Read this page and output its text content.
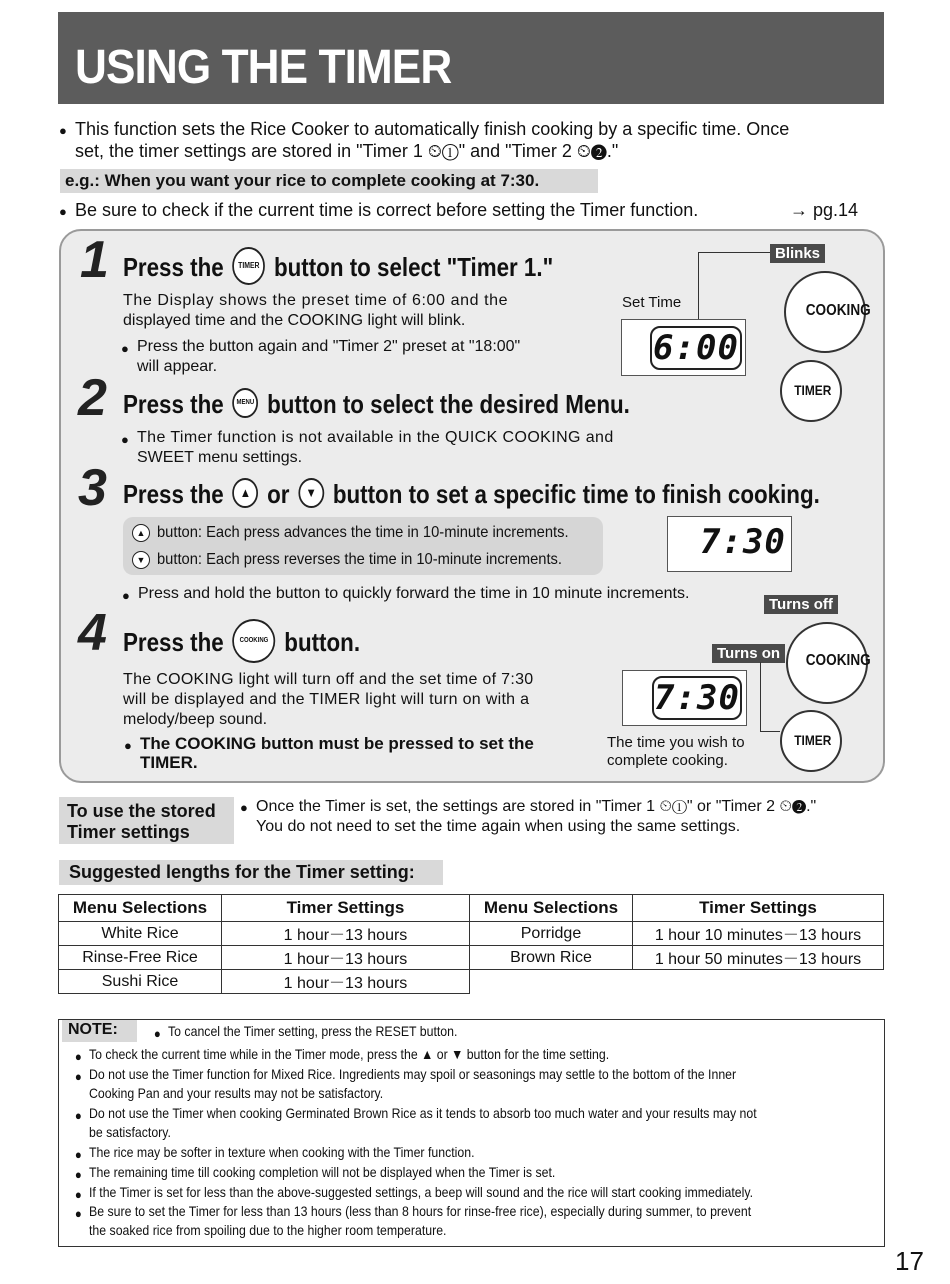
USING THE TIMER
● This function sets the Rice Cooker to automatically finish cooking by a specific time. Once
set, the timer settings are stored in "Timer 1 ⏲①" and "Timer 2 ⏲❷."
e.g.: When you want your rice to complete cooking at 7:30.
● Be sure to check if the current time is correct before setting the Timer function.	→ pg.14
1 Press the TIMER button to select "Timer 1."
The Display shows the preset time of 6:00 and the
displayed time and the COOKING light will blink.
● Press the button again and "Timer 2" preset at "18:00"
will appear.
2 Press the MENU button to select the desired Menu.
● The Timer function is not available in the QUICK COOKING and
SWEET menu settings.
3 Press the ▲ or ▼ button to set a specific time to finish cooking.
▲ button: Each press advances the time in 10-minute increments.
▼ button: Each press reverses the time in 10-minute increments.
● Press and hold the button to quickly forward the time in 10 minute increments.
4 Press the COOKING button.
The COOKING light will turn off and the set time of 7:30
will be displayed and the TIMER light will turn on with a
melody/beep sound.
● The COOKING button must be pressed to set the
TIMER.
Set Time
6:00
Blinks
COOKING
TIMER
7:30
Turns off
COOKING
Turns on
7:30
TIMER
The time you wish to
complete cooking.
To use the stored
Timer settings
● Once the Timer is set, the settings are stored in "Timer 1 ⏲①" or "Timer 2 ⏲❷."
You do not need to set the time again when using the same settings.
Suggested lengths for the Timer setting:
Menu Selections	Timer Settings
White Rice	1 hour－13 hours
Rinse-Free Rice	1 hour－13 hours
Sushi Rice	1 hour－13 hours
Menu Selections	Timer Settings
Porridge	1 hour 10 minutes－13 hours
Brown Rice	1 hour 50 minutes－13 hours
NOTE:	● To cancel the Timer setting, press the RESET button.
● To check the current time while in the Timer mode, press the ▲ or ▼ button for the time setting.
● Do not use the Timer function for Mixed Rice. Ingredients may spoil or seasonings may settle to the bottom of the Inner
Cooking Pan and your results may not be satisfactory.
● Do not use the Timer when cooking Germinated Brown Rice as it tends to absorb too much water and your results may not
be satisfactory.
● The rice may be softer in texture when cooking with the Timer function.
● The remaining time till cooking completion will not be displayed when the Timer is set.
● If the Timer is set for less than the above-suggested settings, a beep will sound and the rice will start cooking immediately.
● Be sure to set the Timer for less than 13 hours (less than 8 hours for rinse-free rice), especially during summer, to prevent
the soaked rice from spoiling due to the higher room temperature.
17
